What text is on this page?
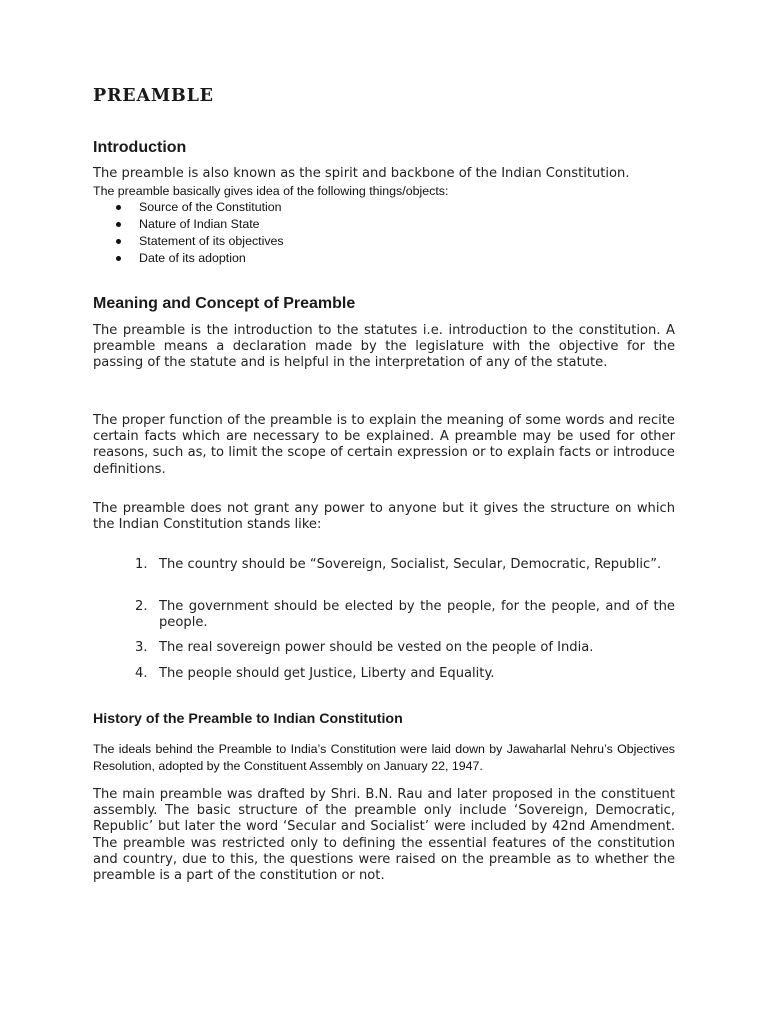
PREAMBLE
Introduction

The preamble is also known as the spirit and backbone of the Indian Constitution.

The preamble basically gives idea of the following things/objects:

Source of the Constitution
Nature of Indian State
Statement of its objectives
Date of its adoption
Meaning and Concept of Preamble

The preamble is the introduction to the statutes i.e. introduction to the constitution. A preamble means a declaration made by the legislature with the objective for the passing of the statute and is helpful in the interpretation of any of the statute.

The proper function of the preamble is to explain the meaning of some words and recite certain facts which are necessary to be explained. A preamble may be used for other reasons, such as, to limit the scope of certain expression or to explain facts or introduce definitions.

The preamble does not grant any power to anyone but it gives the structure on which the Indian Constitution stands like:

1. The country should be “Sovereign, Socialist, Secular, Democratic, Republic”.
2. The government should be elected by the people, for the people, and of the people.
3. The real sovereign power should be vested on the people of India.
4. The people should get Justice, Liberty and Equality.
History of the Preamble to Indian Constitution

The ideals behind the Preamble to India’s Constitution were laid down by Jawaharlal Nehru’s Objectives Resolution, adopted by the Constituent Assembly on January 22, 1947.

The main preamble was drafted by Shri. B.N. Rau and later proposed in the constituent assembly. The basic structure of the preamble only include ‘Sovereign, Democratic, Republic’ but later the word ‘Secular and Socialist’ were included by 42nd Amendment. The preamble was restricted only to defining the essential features of the constitution and country, due to this, the questions were raised on the preamble as to whether the preamble is a part of the constitution or not.
